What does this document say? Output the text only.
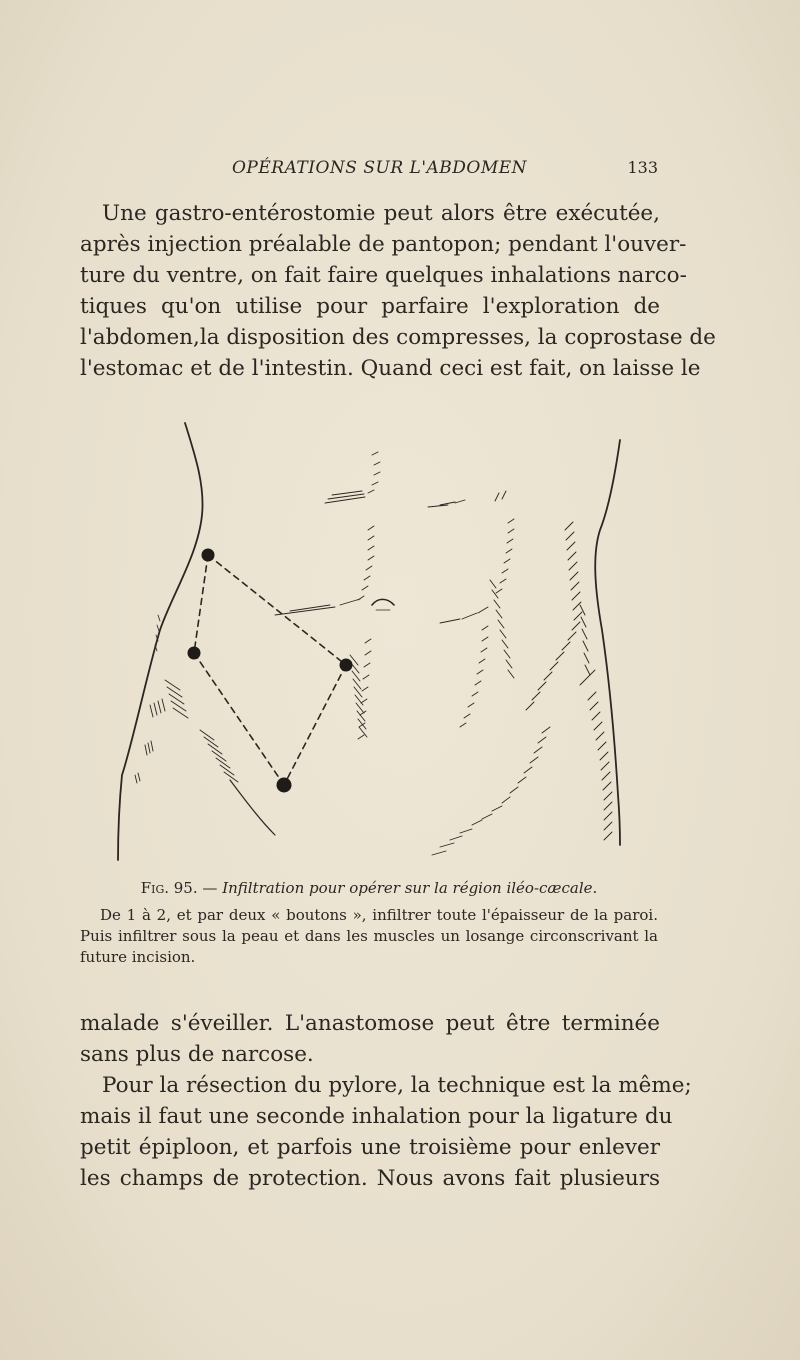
OPÉRATIONS SUR L'ABDOMEN	133
Une gastro-entérostomie peut alors être exécutée,
après injection préalable de pantopon; pendant l'ouver-
ture du ventre, on fait faire quelques inhalations narco-
tiques qu'on utilise pour parfaire l'exploration de
l'abdomen,la disposition des compresses, la coprostase de
l'estomac et de l'intestin. Quand ceci est fait, on laisse le
Fig. 95. — Infiltration pour opérer sur la région iléo-cæcale.
De 1 à 2, et par deux « boutons », infiltrer toute l'épaisseur de la paroi.
Puis infiltrer sous la peau et dans les muscles un losange circonscrivant la
future incision.
malade s'éveiller. L'anastomose peut être terminée
sans plus de narcose.
Pour la résection du pylore, la technique est la même;
mais il faut une seconde inhalation pour la ligature du
petit épiploon, et parfois une troisième pour enlever
les champs de protection. Nous avons fait plusieurs
